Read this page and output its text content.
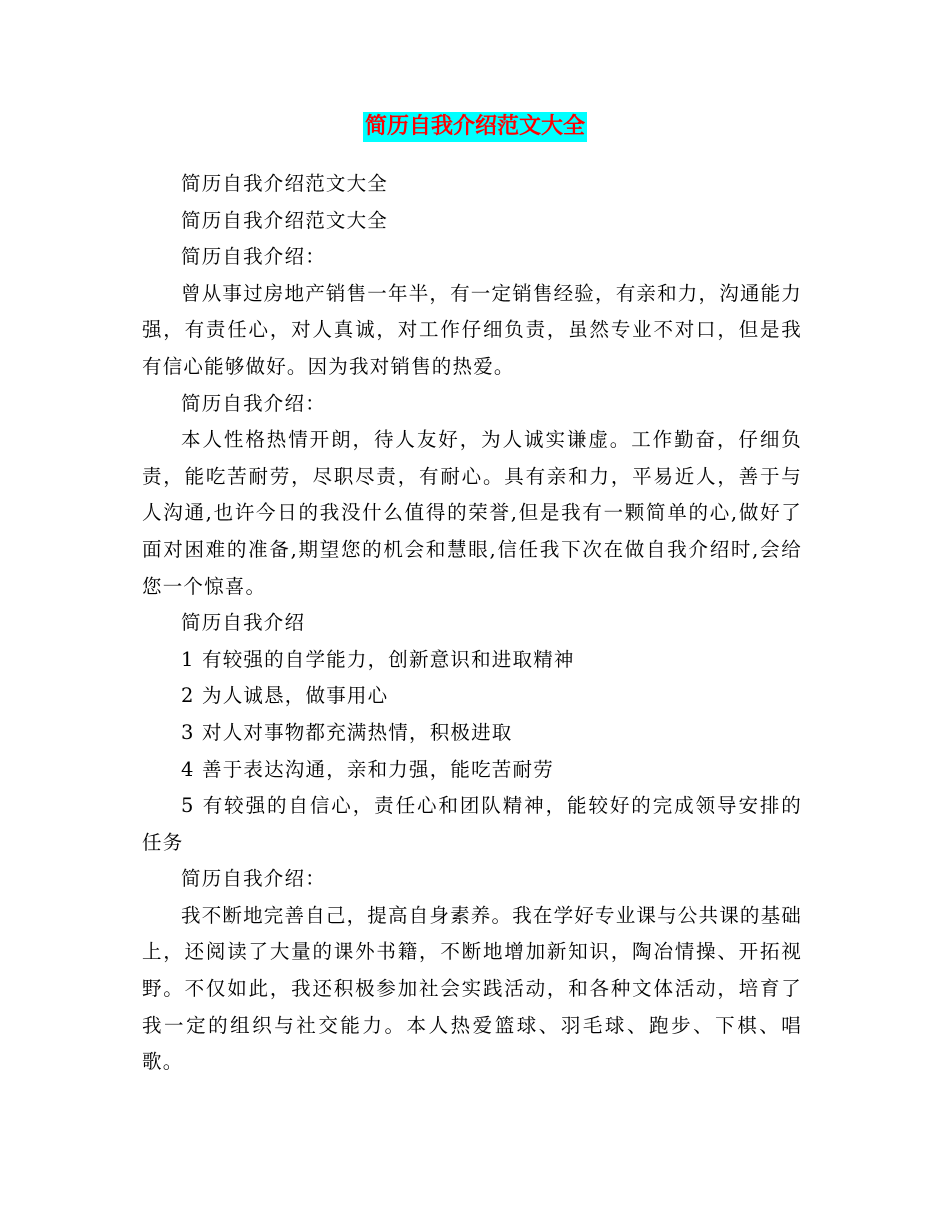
简历自我介绍范文大全

简历自我介绍范文大全

简历自我介绍范文大全

简历自我介绍：

曾从事过房地产销售一年半，有一定销售经验，有亲和力，沟通能力强，有责任心，对人真诚，对工作仔细负责，虽然专业不对口，但是我有信心能够做好。因为我对销售的热爱。

简历自我介绍：

本人性格热情开朗，待人友好，为人诚实谦虚。工作勤奋，仔细负责，能吃苦耐劳，尽职尽责，有耐心。具有亲和力，平易近人，善于与人沟通,也许今日的我没什么值得的荣誉,但是我有一颗简单的心,做好了面对困难的准备,期望您的机会和慧眼,信任我下次在做自我介绍时,会给您一个惊喜。

简历自我介绍

1 有较强的自学能力，创新意识和进取精神

2 为人诚恳，做事用心

3 对人对事物都充满热情，积极进取

4 善于表达沟通，亲和力强，能吃苦耐劳

5 有较强的自信心，责任心和团队精神，能较好的完成领导安排的任务

简历自我介绍：

我不断地完善自己，提高自身素养。我在学好专业课与公共课的基础上，还阅读了大量的课外书籍，不断地增加新知识，陶冶情操、开拓视野。不仅如此，我还积极参加社会实践活动，和各种文体活动，培育了我一定的组织与社交能力。本人热爱篮球、羽毛球、跑步、下棋、唱歌。
